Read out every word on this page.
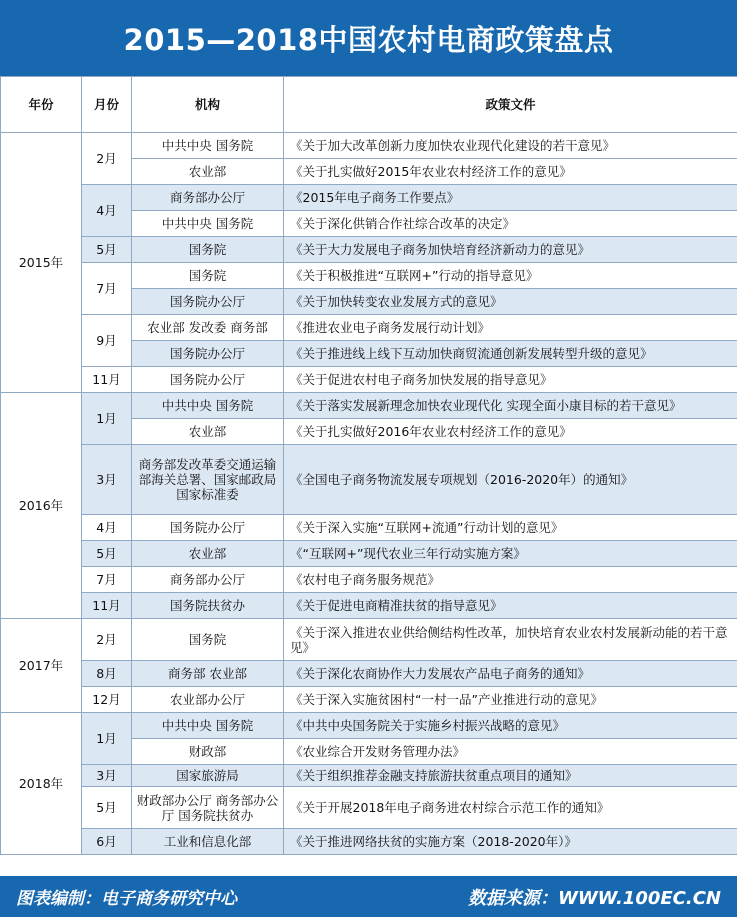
2015—2018中国农村电商政策盘点
年份	月份	机构	政策文件
2015年	2月	中共中央 国务院	《关于加大改革创新力度加快农业现代化建设的若干意见》
		农业部	《关于扎实做好2015年农业农村经济工作的意见》
	4月	商务部办公厅	《2015年电子商务工作要点》
		中共中央 国务院	《关于深化供销合作社综合改革的决定》
	5月	国务院	《关于大力发展电子商务加快培育经济新动力的意见》
	7月	国务院	《关于积极推进“互联网+”行动的指导意见》
		国务院办公厅	《关于加快转变农业发展方式的意见》
	9月	农业部 发改委 商务部	《推进农业电子商务发展行动计划》
		国务院办公厅	《关于推进线上线下互动加快商贸流通创新发展转型升级的意见》
	11月	国务院办公厅	《关于促进农村电子商务加快发展的指导意见》
2016年	1月	中共中央 国务院	《关于落实发展新理念加快农业现代化 实现全面小康目标的若干意见》
		农业部	《关于扎实做好2016年农业农村经济工作的意见》
	3月	商务部发改革委交通运输部海关总署、国家邮政局国家标准委	《全国电子商务物流发展专项规划（2016-2020年）的通知》
	4月	国务院办公厅	《关于深入实施“互联网+流通”行动计划的意见》
	5月	农业部	《“互联网+”现代农业三年行动实施方案》
	7月	商务部办公厅	《农村电子商务服务规范》
	11月	国务院扶贫办	《关于促进电商精准扶贫的指导意见》
2017年	2月	国务院	《关于深入推进农业供给侧结构性改革，加快培育农业农村发展新动能的若干意见》
	8月	商务部 农业部	《关于深化农商协作大力发展农产品电子商务的通知》
	12月	农业部办公厅	《关于深入实施贫困村“一村一品”产业推进行动的意见》
2018年	1月	中共中央 国务院	《中共中央国务院关于实施乡村振兴战略的意见》
		财政部	《农业综合开发财务管理办法》
	3月	国家旅游局	《关于组织推荐金融支持旅游扶贫重点项目的通知》
	5月	财政部办公厅 商务部办公厅 国务院扶贫办	《关于开展2018年电子商务进农村综合示范工作的通知》
	6月	工业和信息化部	《关于推进网络扶贫的实施方案（2018-2020年）》
图表编制：电子商务研究中心	数据来源：WWW.100EC.CN
